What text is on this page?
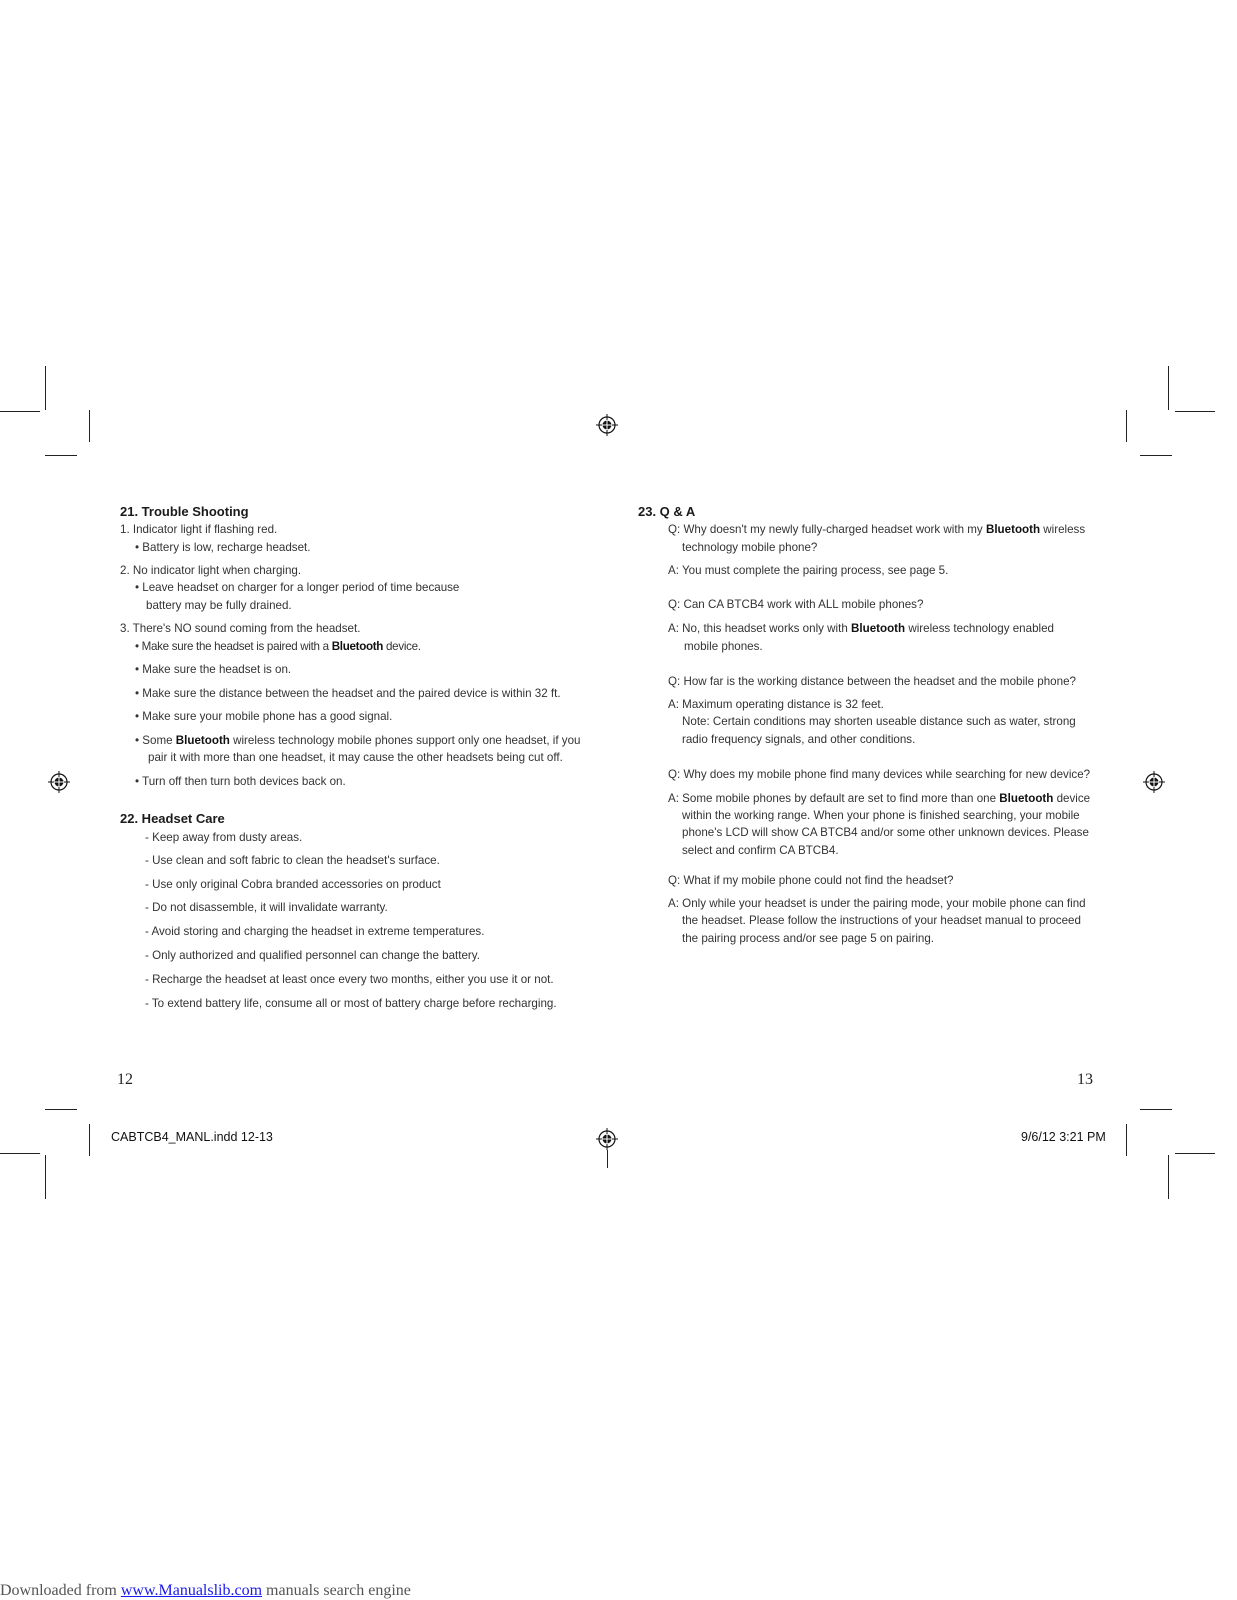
21. Trouble Shooting
1. Indicator light if flashing red.
• Battery is low, recharge headset.
2. No indicator light when charging.
• Leave headset on charger for a longer period of time because
battery may be fully drained.
3. There's NO sound coming from the headset.
• Make sure the headset is paired with a Bluetooth device.
• Make sure the headset is on.
• Make sure the distance between the headset and the paired device is within 32 ft.
• Make sure your mobile phone has a good signal.
• Some Bluetooth wireless technology mobile phones support only one headset, if you
pair it with more than one headset, it may cause the other headsets being cut off.
• Turn off then turn both devices back on.
22. Headset Care
- Keep away from dusty areas.
- Use clean and soft fabric to clean the headset's surface.
- Use only original Cobra branded accessories on product
- Do not disassemble, it will invalidate warranty.
- Avoid storing and charging the headset in extreme temperatures.
- Only authorized and qualified personnel can change the battery.
- Recharge the headset at least once every two months, either you use it or not.
- To extend battery life, consume all or most of battery charge before recharging.
12
23. Q & A
Q: Why doesn't my newly fully-charged headset work with my Bluetooth wireless
technology mobile phone?
A: You must complete the pairing process, see page 5.
Q: Can CA BTCB4 work with ALL mobile phones?
A: No, this headset works only with Bluetooth wireless technology enabled
mobile phones.
Q: How far is the working distance between the headset and the mobile phone?
A: Maximum operating distance is 32 feet.
Note: Certain conditions may shorten useable distance such as water, strong
radio frequency signals, and other conditions.
Q: Why does my mobile phone find many devices while searching for new device?
A: Some mobile phones by default are set to find more than one Bluetooth device
within the working range. When your phone is finished searching, your mobile
phone's LCD will show CA BTCB4 and/or some other unknown devices. Please
select and confirm CA BTCB4.
Q: What if my mobile phone could not find the headset?
A: Only while your headset is under the pairing mode, your mobile phone can find
the headset. Please follow the instructions of your headset manual to proceed
the pairing process and/or see page 5 on pairing.
13
CABTCB4_MANL.indd 12-13	9/6/12 3:21 PM
Downloaded from www.Manualslib.com manuals search engine
